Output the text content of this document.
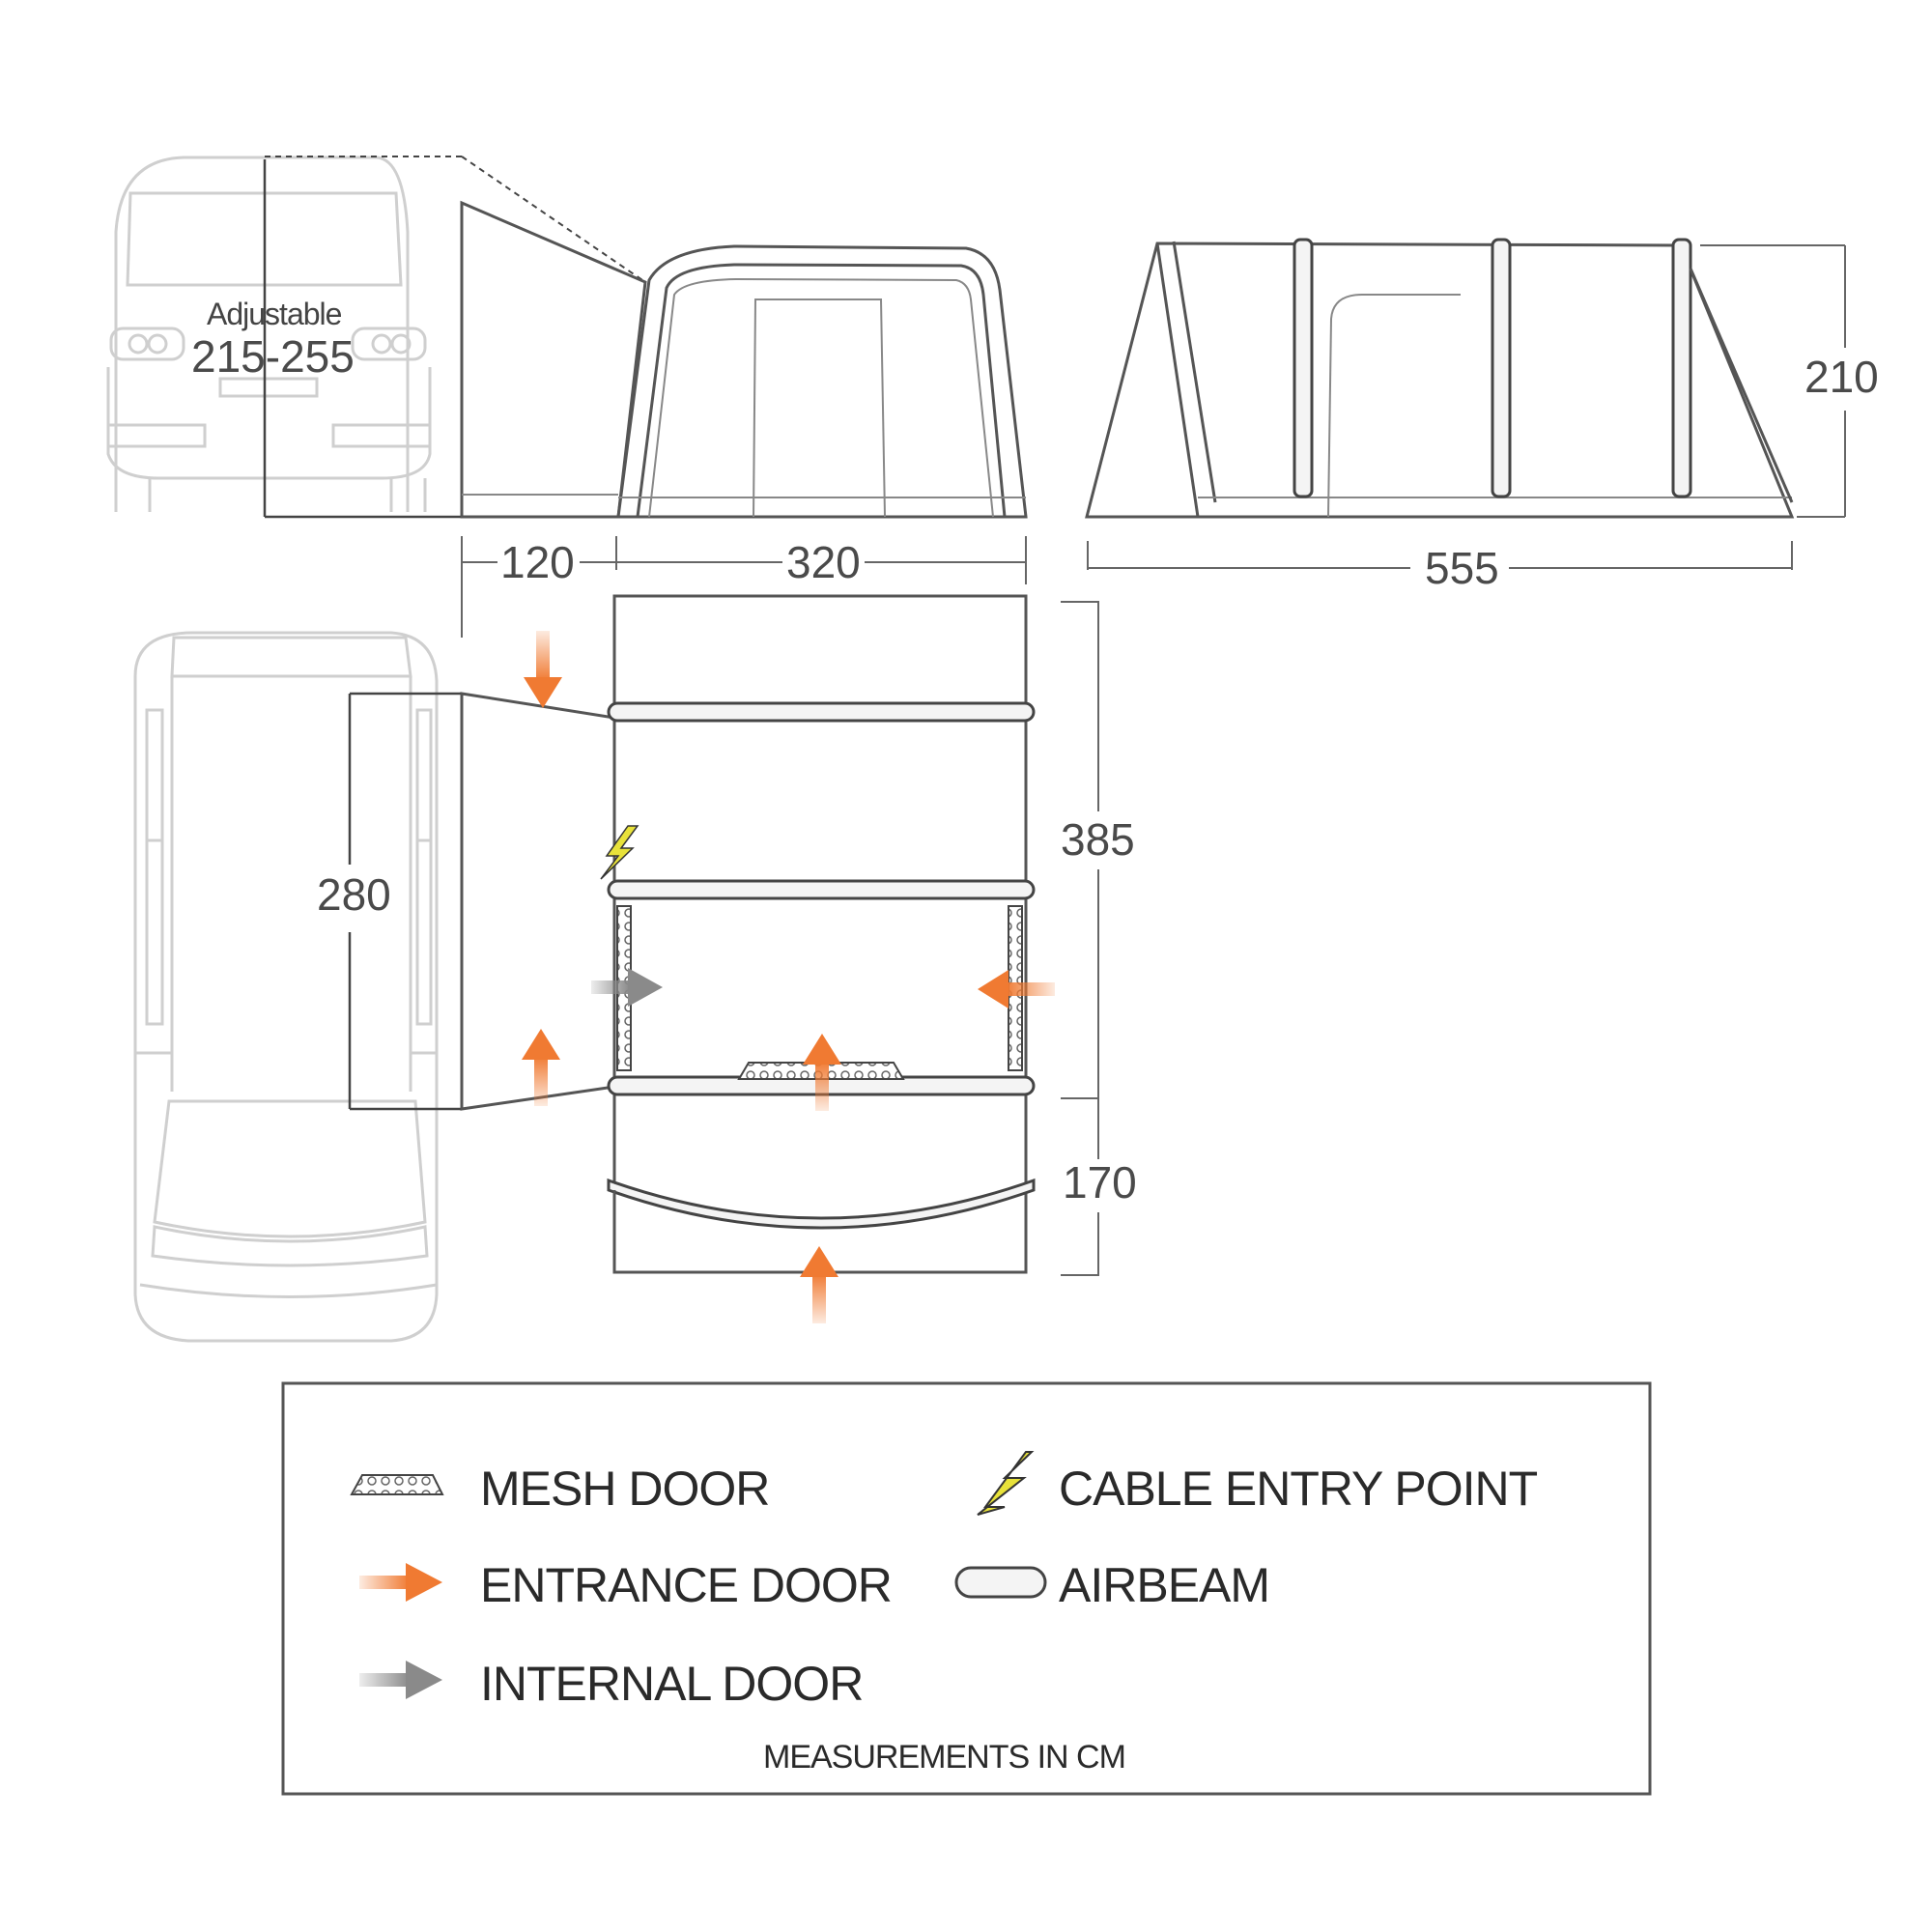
Adjustable
215-255
120	320
210
555
280
385
170
MESH DOOR	CABLE ENTRY POINT
ENTRANCE DOOR	AIRBEAM
INTERNAL DOOR
MEASUREMENTS IN CM
